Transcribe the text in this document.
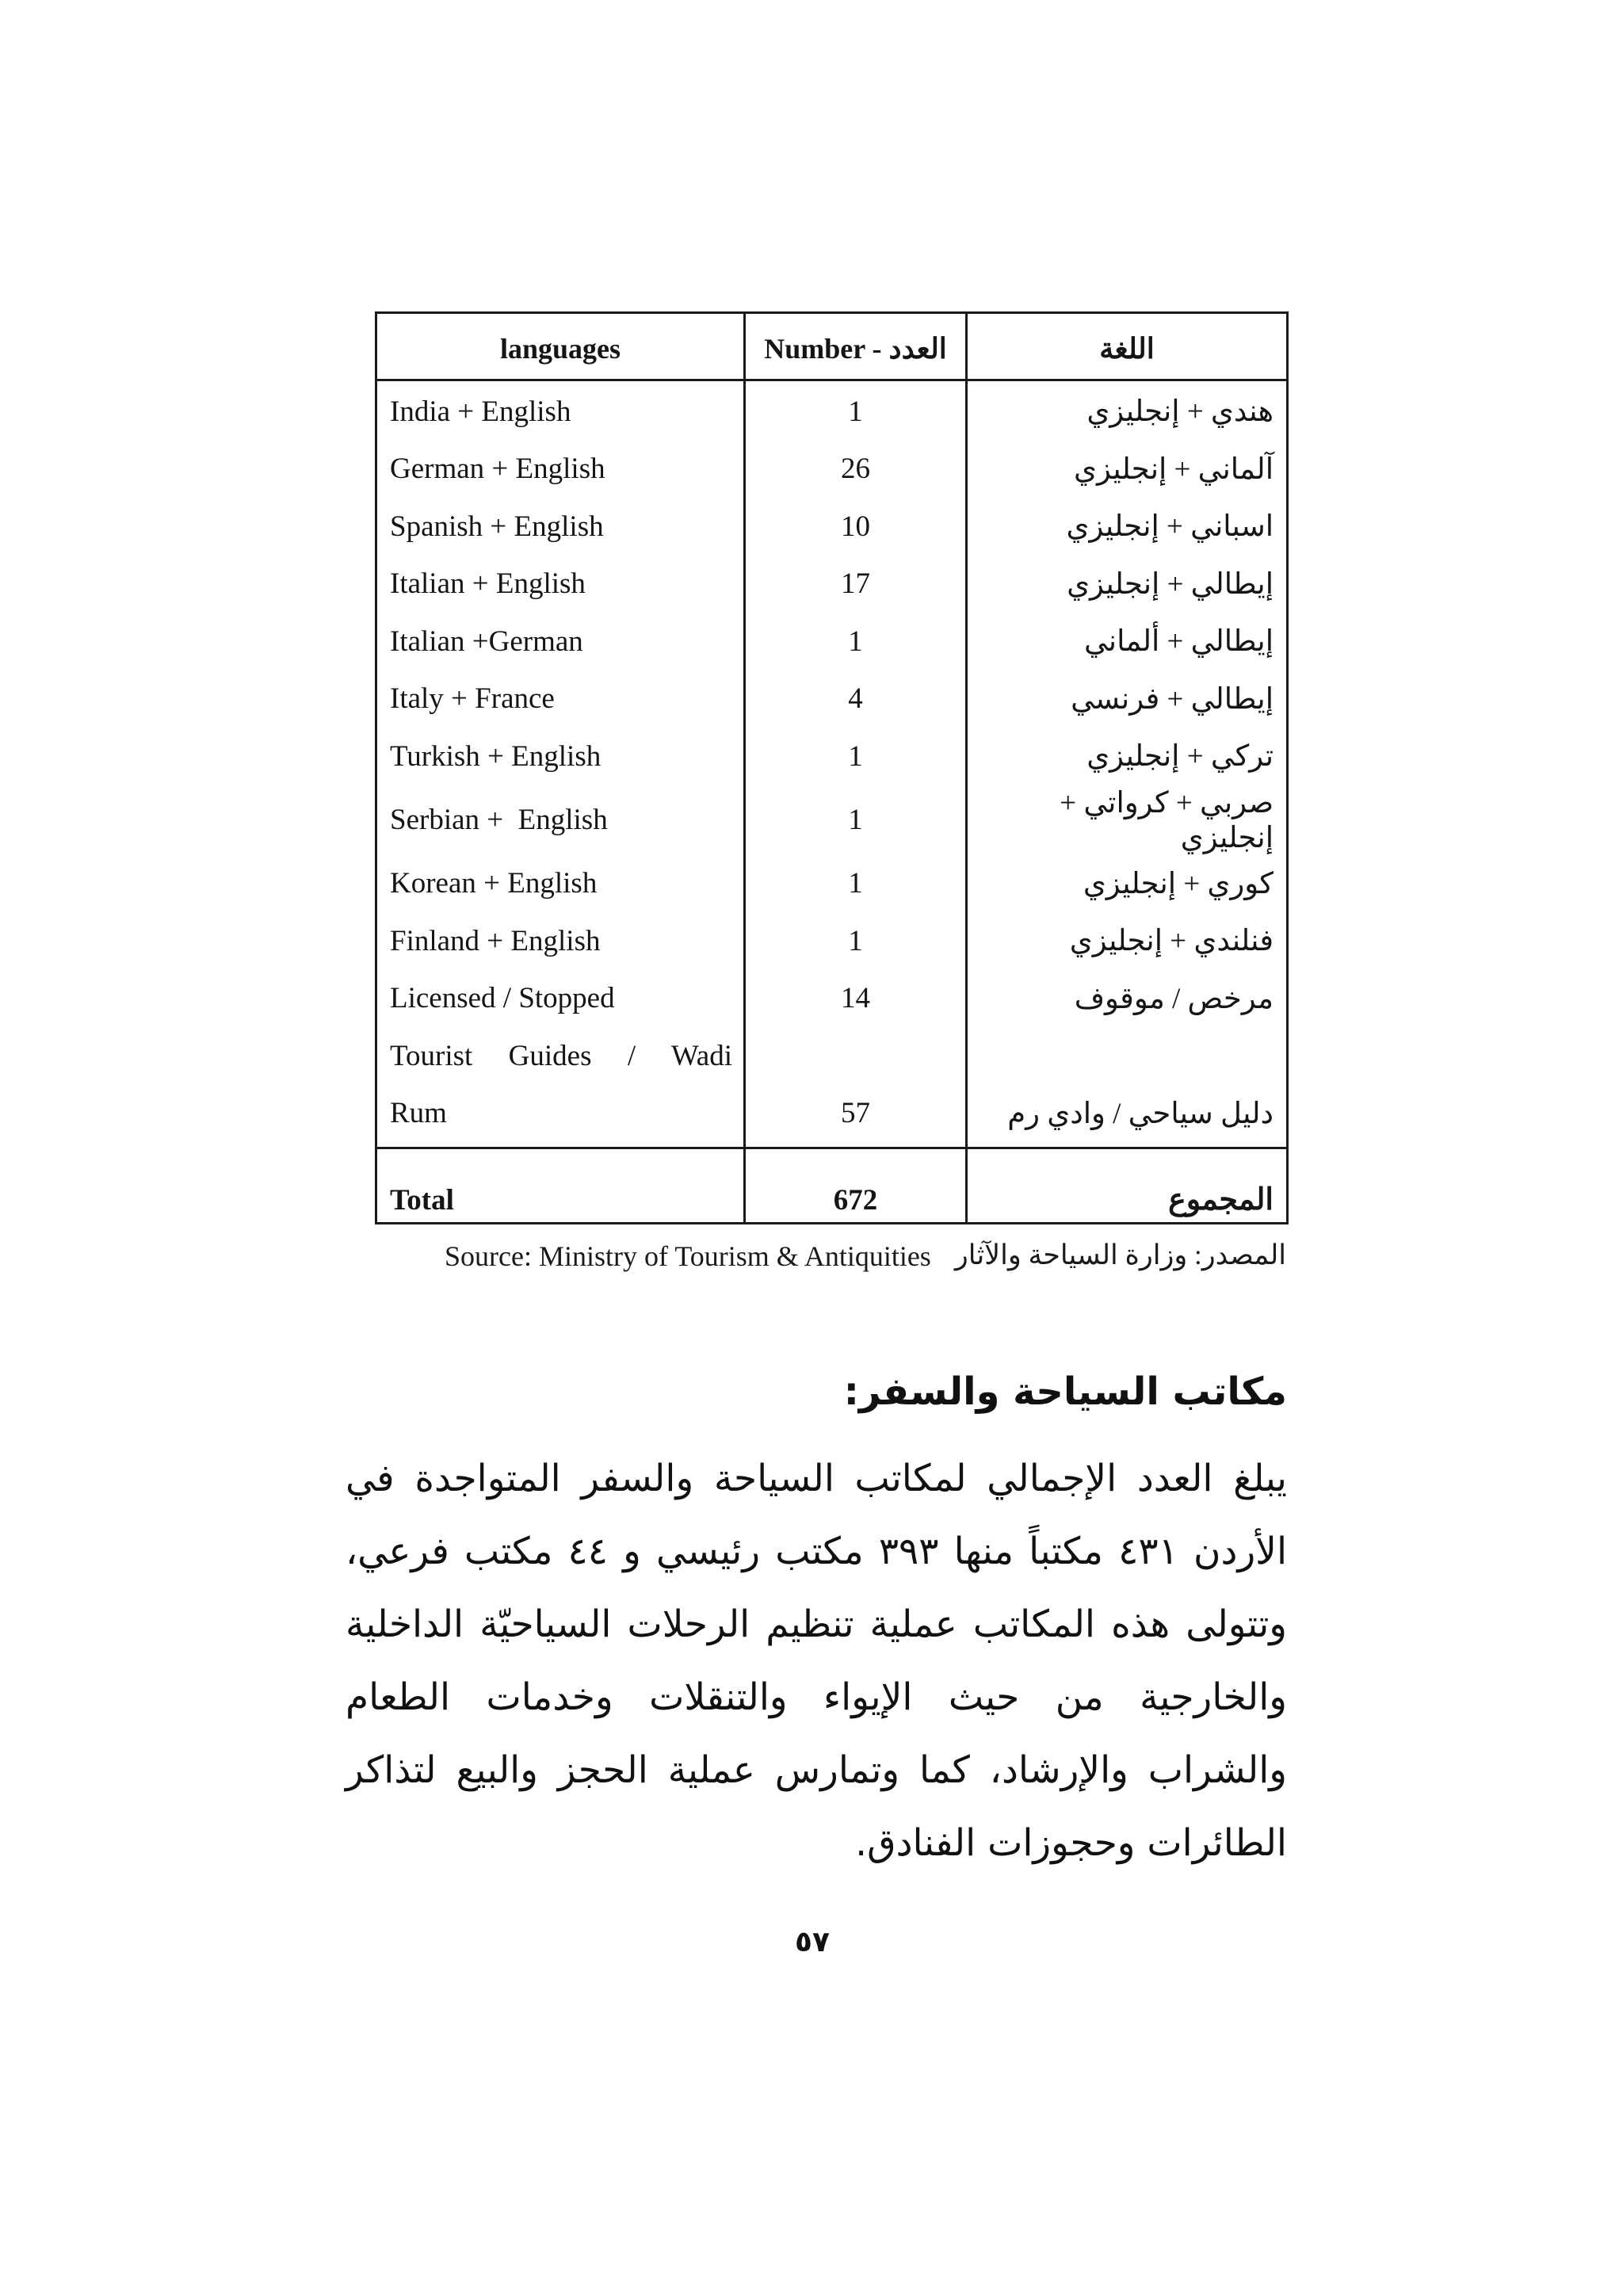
languages	Number - العدد	اللغة
India + English	1	هندي + إنجليزي
German + English	26	آلماني + إنجليزي
Spanish + English	10	اسباني + إنجليزي
Italian + English	17	إيطالي + إنجليزي
Italian +German	1	إيطالي + ألماني
Italy + France	4	إيطالي + فرنسي
Turkish + English	1	تركي + إنجليزي
Serbian +  English	1	صربي + كرواتي + إنجليزي
Korean + English	1	كوري + إنجليزي
Finland + English	1	فنلندي + إنجليزي
Licensed / Stopped	14	مرخص / موقوف
Tourist Guides / Wadi		
Rum	57	دليل سياحي / وادي رم
Total	672	المجموع
Source: Ministry of Tourism & Antiquities المصدر: وزارة السياحة والآثار
مكاتب السياحة والسفر:

يبلغ العدد الإجمالي لمكاتب السياحة والسفر المتواجدة في الأردن ٤٣١ مكتباً منها ٣٩٣ مكتب رئيسي و ٤٤ مكتب فرعي، وتتولى هذه المكاتب عملية تنظيم الرحلات السياحيّة الداخلية والخارجية من حيث الإيواء والتنقلات وخدمات الطعام والشراب والإرشاد، كما وتمارس عملية الحجز والبيع لتذاكر الطائرات وحجوزات الفنادق.

٥٧
